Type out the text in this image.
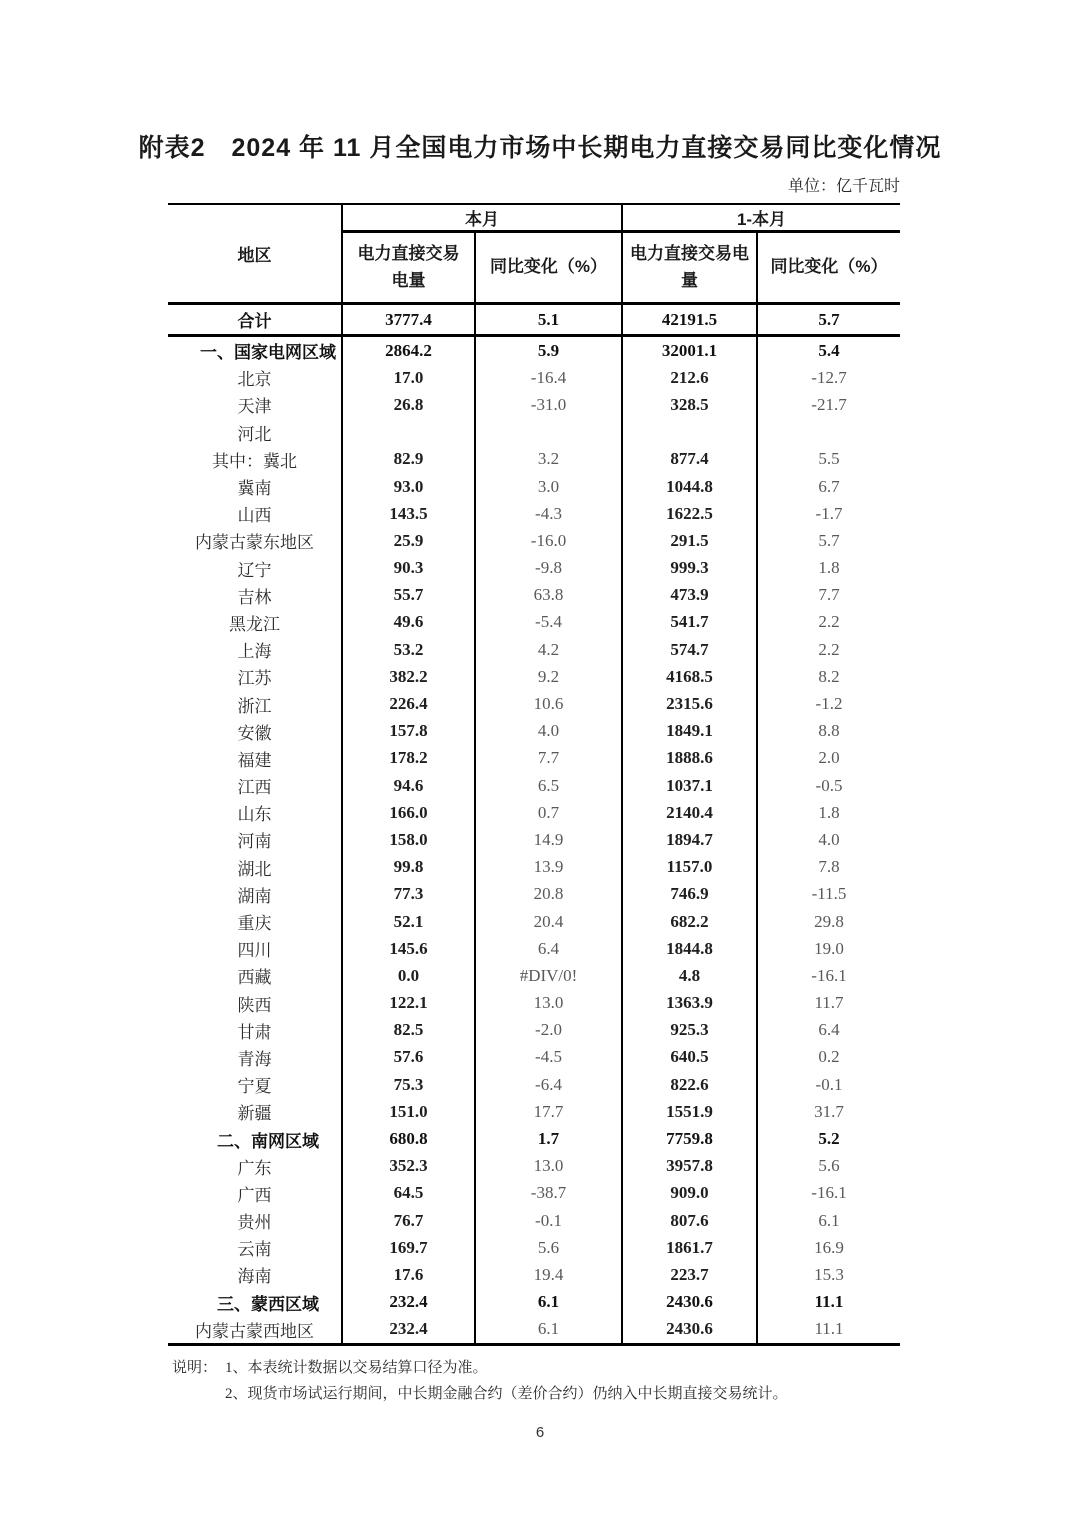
附表2　2024 年 11 月全国电力市场中长期电力直接交易同比变化情况
单位：亿千瓦时
地区	本月		1-本月	
	电力直接交易电量	同比变化（%）	电力直接交易电量	同比变化（%）
合计	3777.4	5.1	42191.5	5.7
一、国家电网区域	2864.2	5.9	32001.1	5.4
北京	17.0	-16.4	212.6	-12.7
天津	26.8	-31.0	328.5	-21.7
河北				
其中：冀北	82.9	3.2	877.4	5.5
冀南	93.0	3.0	1044.8	6.7
山西	143.5	-4.3	1622.5	-1.7
内蒙古蒙东地区	25.9	-16.0	291.5	5.7
辽宁	90.3	-9.8	999.3	1.8
吉林	55.7	63.8	473.9	7.7
黑龙江	49.6	-5.4	541.7	2.2
上海	53.2	4.2	574.7	2.2
江苏	382.2	9.2	4168.5	8.2
浙江	226.4	10.6	2315.6	-1.2
安徽	157.8	4.0	1849.1	8.8
福建	178.2	7.7	1888.6	2.0
江西	94.6	6.5	1037.1	-0.5
山东	166.0	0.7	2140.4	1.8
河南	158.0	14.9	1894.7	4.0
湖北	99.8	13.9	1157.0	7.8
湖南	77.3	20.8	746.9	-11.5
重庆	52.1	20.4	682.2	29.8
四川	145.6	6.4	1844.8	19.0
西藏	0.0	#DIV/0!	4.8	-16.1
陕西	122.1	13.0	1363.9	11.7
甘肃	82.5	-2.0	925.3	6.4
青海	57.6	-4.5	640.5	0.2
宁夏	75.3	-6.4	822.6	-0.1
新疆	151.0	17.7	1551.9	31.7
二、南网区域	680.8	1.7	7759.8	5.2
广东	352.3	13.0	3957.8	5.6
广西	64.5	-38.7	909.0	-16.1
贵州	76.7	-0.1	807.6	6.1
云南	169.7	5.6	1861.7	16.9
海南	17.6	19.4	223.7	15.3
三、蒙西区域	232.4	6.1	2430.6	11.1
内蒙古蒙西地区	232.4	6.1	2430.6	11.1
说明： 1、本表统计数据以交易结算口径为准。
2、现货市场试运行期间，中长期金融合约（差价合约）仍纳入中长期直接交易统计。
6
